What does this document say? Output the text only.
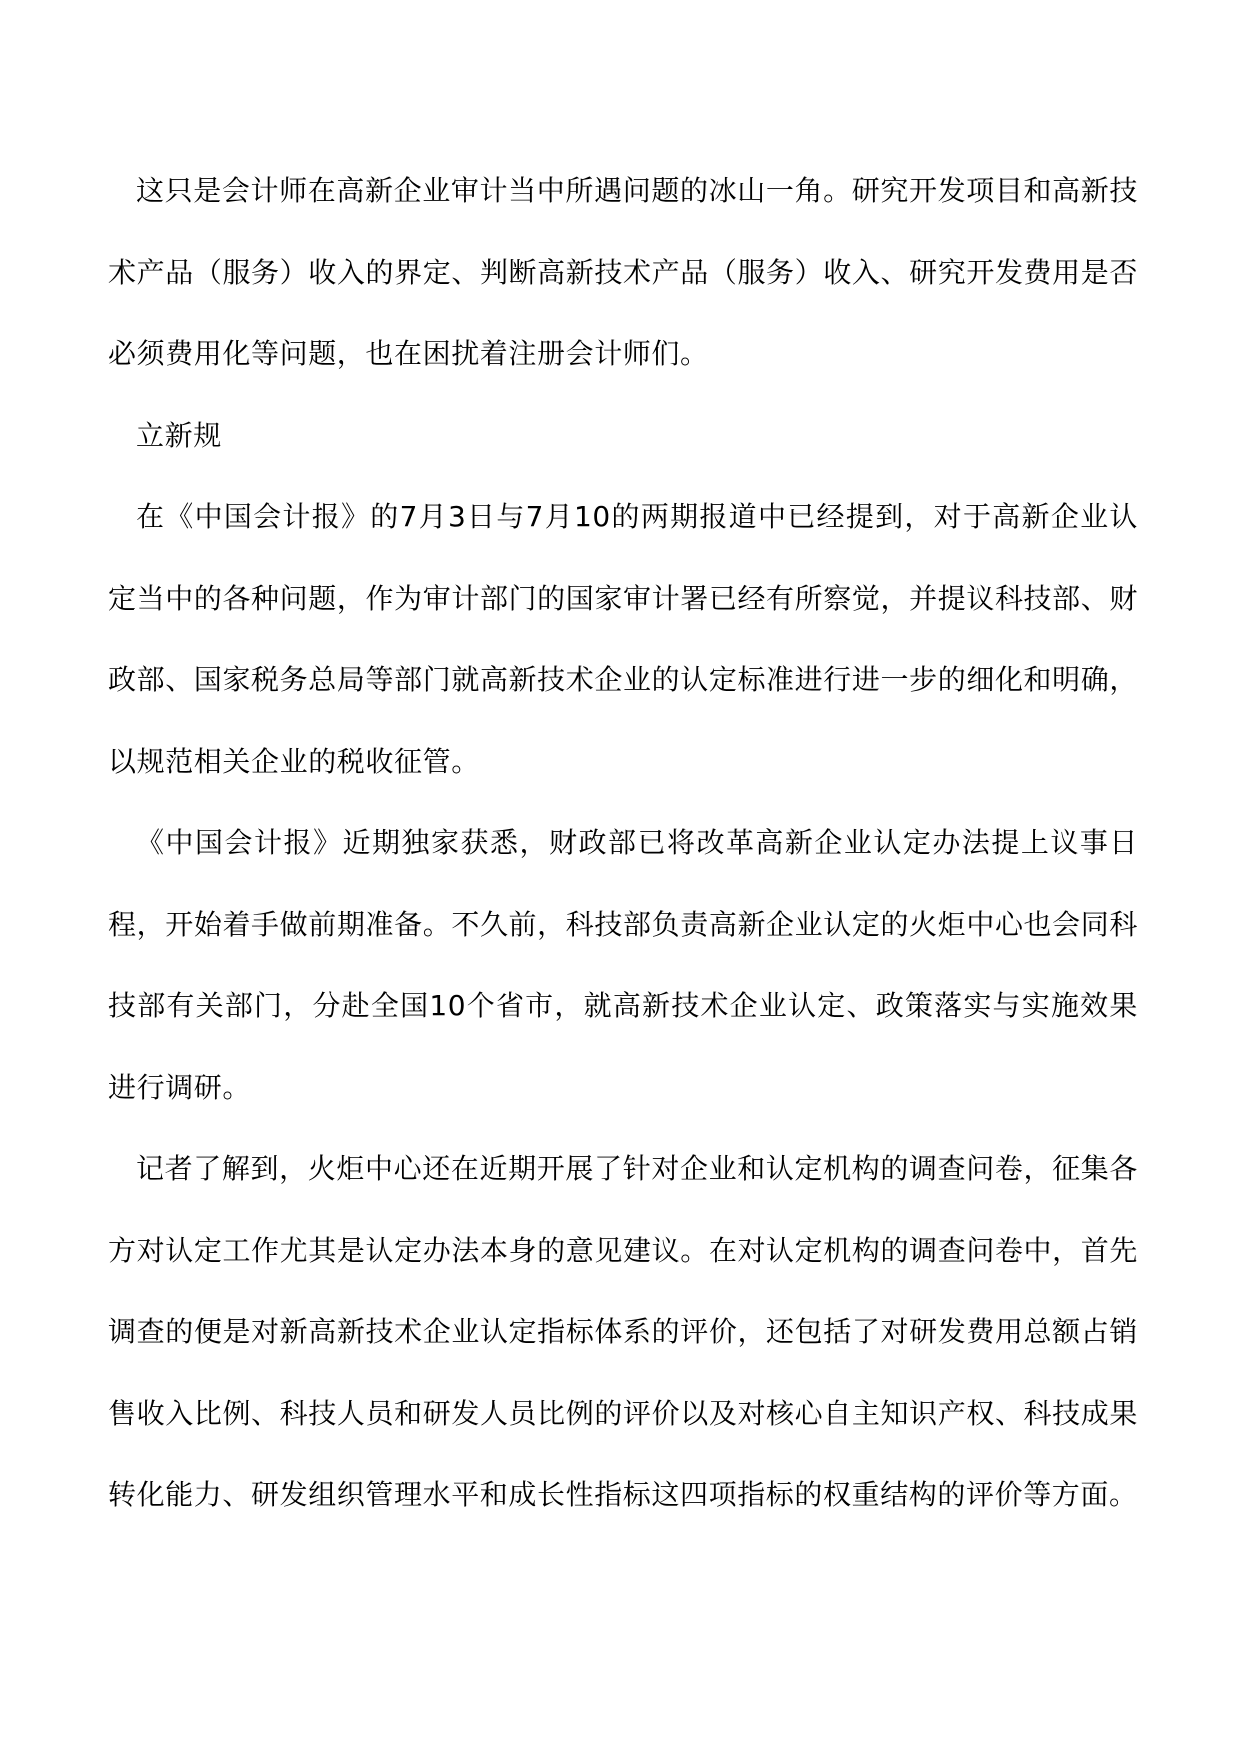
这只是会计师在高新企业审计当中所遇问题的冰山一角。研究开发项目和高新技术产品（服务）收入的界定、判断高新技术产品（服务）收入、研究开发费用是否必须费用化等问题，也在困扰着注册会计师们。

立新规

在《中国会计报》的7月3日与7月10的两期报道中已经提到，对于高新企业认定当中的各种问题，作为审计部门的国家审计署已经有所察觉，并提议科技部、财政部、国家税务总局等部门就高新技术企业的认定标准进行进一步的细化和明确，以规范相关企业的税收征管。

《中国会计报》近期独家获悉，财政部已将改革高新企业认定办法提上议事日程，开始着手做前期准备。不久前，科技部负责高新企业认定的火炬中心也会同科技部有关部门，分赴全国10个省市，就高新技术企业认定、政策落实与实施效果进行调研。

记者了解到，火炬中心还在近期开展了针对企业和认定机构的调查问卷，征集各方对认定工作尤其是认定办法本身的意见建议。在对认定机构的调查问卷中，首先调查的便是对新高新技术企业认定指标体系的评价，还包括了对研发费用总额占销售收入比例、科技人员和研发人员比例的评价以及对核心自主知识产权、科技成果转化能力、研发组织管理水平和成长性指标这四项指标的权重结构的评价等方面。
